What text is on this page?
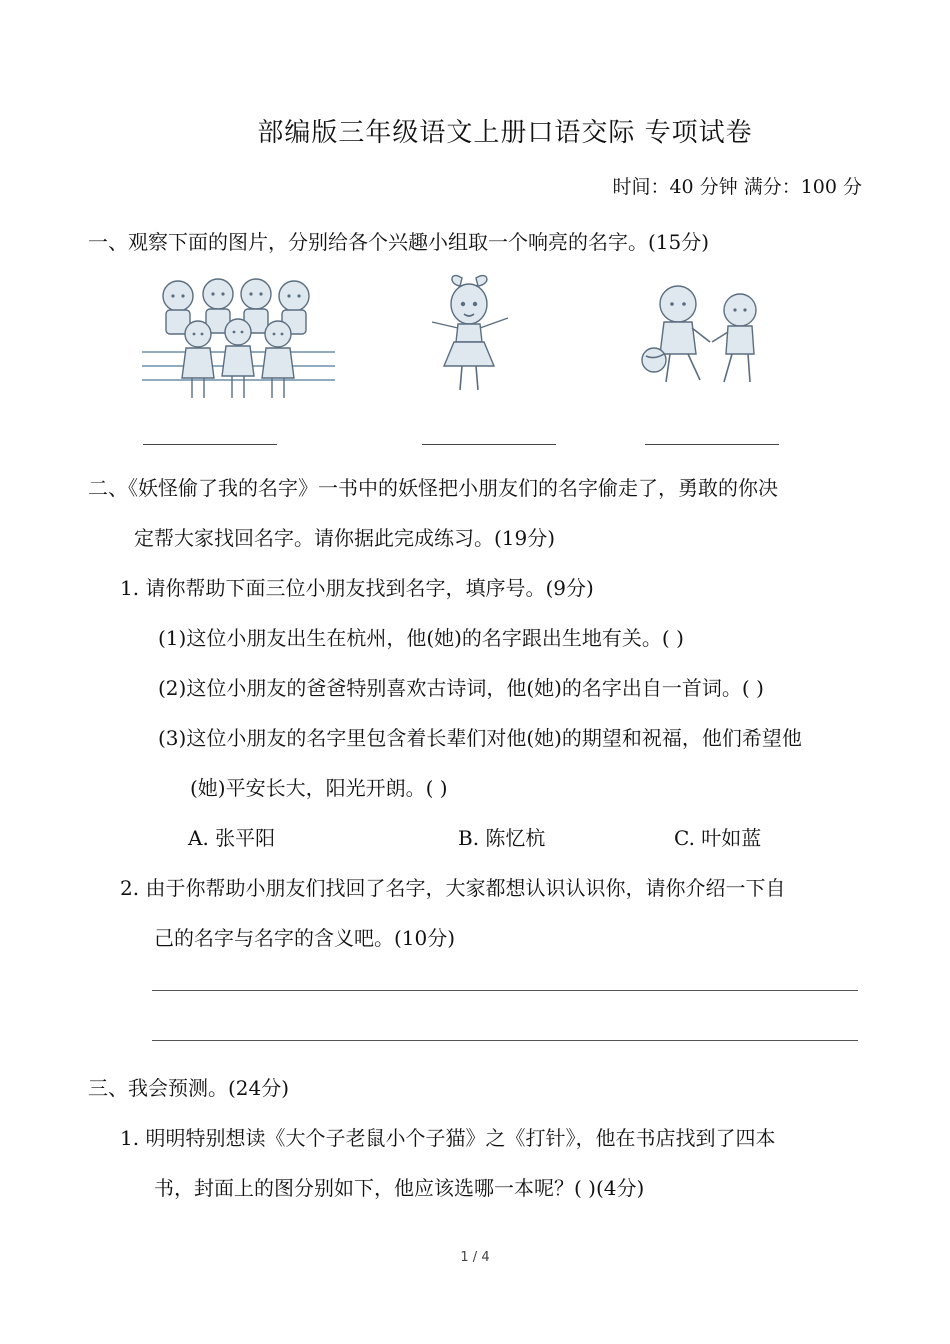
部编版三年级语文上册口语交际 专项试卷
时间：40 分钟 满分：100 分
一、观察下面的图片，分别给各个兴趣小组取一个响亮的名字。(15分)
二、《妖怪偷了我的名字》一书中的妖怪把小朋友们的名字偷走了，勇敢的你决
定帮大家找回名字。请你据此完成练习。(19分)
1. 请你帮助下面三位小朋友找到名字，填序号。(9分)
(1)这位小朋友出生在杭州，他(她)的名字跟出生地有关。( )
(2)这位小朋友的爸爸特别喜欢古诗词，他(她)的名字出自一首词。( )
(3)这位小朋友的名字里包含着长辈们对他(她)的期望和祝福，他们希望他
(她)平安长大，阳光开朗。( )
A. 张平阳	B. 陈忆杭	C. 叶如蓝
2. 由于你帮助小朋友们找回了名字，大家都想认识认识你，请你介绍一下自
己的名字与名字的含义吧。(10分)
三、我会预测。(24分)
1. 明明特别想读《大个子老鼠小个子猫》之《打针》，他在书店找到了四本
书，封面上的图分别如下，他应该选哪一本呢？( )(4分)
1 / 4
